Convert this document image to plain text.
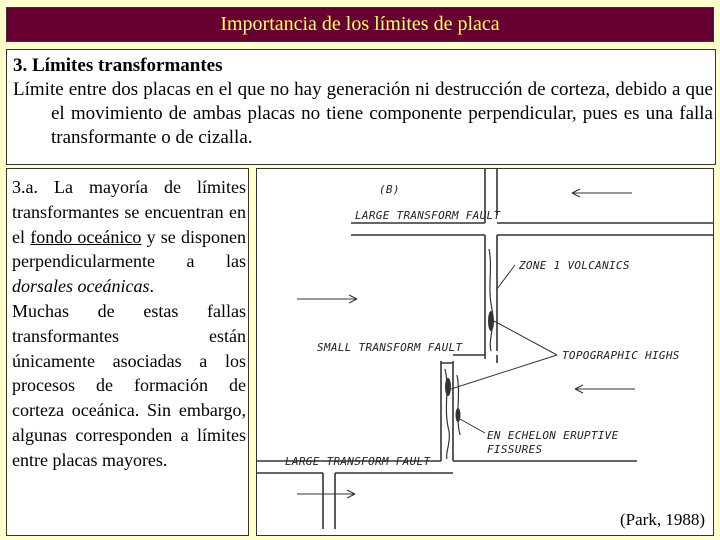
Importancia de los límites de placa
3. Límites transformantes
Límite entre dos placas en el que no hay generación ni destrucción de corteza, debido a que el movimiento de ambas placas no tiene componente perpendicular, pues es una falla transformante o de cizalla.
3.a. La mayoría de límites transformantes se encuentran en el fondo oceánico y se disponen perpendicularmente a las dorsales oceánicas.
Muchas de estas fallas transformantes están únicamente asociadas a los procesos de formación de corteza oceánica. Sin embargo, algunas corresponden a límites entre placas mayores.
(B)
LARGE TRANSFORM FAULT
ZONE 1 VOLCANICS
SMALL TRANSFORM FAULT
TOPOGRAPHIC HIGHS
EN ECHELON ERUPTIVE
FISSURES
LARGE TRANSFORM FAULT
(Park, 1988)
